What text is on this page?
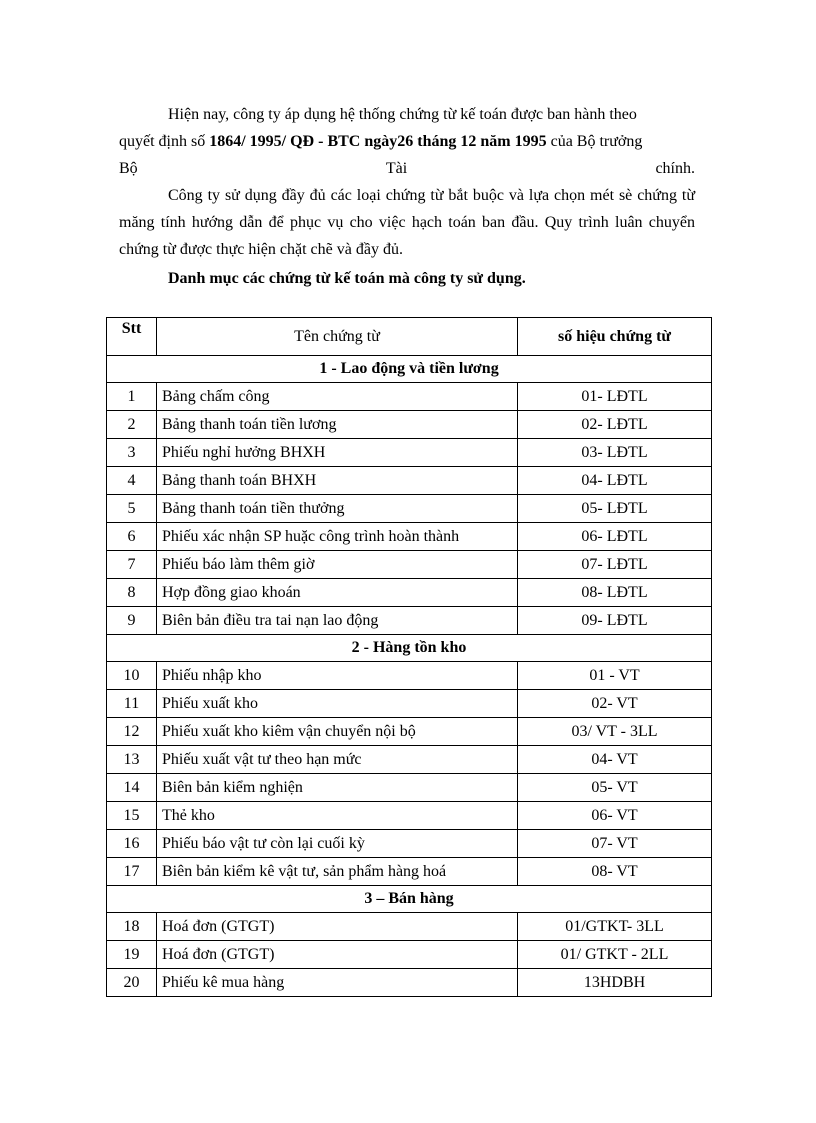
Hiện nay, công ty áp dụng hệ thống chứng từ kế toán được ban hành theo
quyết định số 1864/ 1995/ QĐ - BTC ngày26 tháng 12 năm 1995 của Bộ trưởng
Bộ	Tài	chính.
Công ty sử dụng đầy đủ các loại chứng từ bắt buộc và lựa chọn mét sè chứng từ măng tính hướng dẫn để phục vụ cho việc hạch toán ban đầu. Quy trình luân chuyển chứng từ được thực hiện chặt chẽ và đầy đủ.
Danh mục các chứng từ kế toán mà công ty sử dụng.
Stt	Tên chứng từ	số hiệu chứng từ
1 - Lao động và tiền lương		
1	Bảng chấm công	01- LĐTL
2	Bảng thanh toán tiền lương	02- LĐTL
3	Phiếu nghỉ hưởng BHXH	03- LĐTL
4	Bảng thanh toán BHXH	04- LĐTL
5	Bảng thanh toán tiền thưởng	05- LĐTL
6	Phiếu xác nhận SP huặc công trình hoàn thành	06- LĐTL
7	Phiếu báo làm thêm giờ	07- LĐTL
8	Hợp đồng giao khoán	08- LĐTL
9	Biên bản điều tra tai nạn lao động	09- LĐTL
2 - Hàng tồn kho		
10	Phiếu nhập kho	01 - VT
11	Phiếu xuất kho	02- VT
12	Phiếu xuất kho kiêm vận chuyển nội bộ	03/ VT - 3LL
13	Phiếu xuất vật tư theo hạn mức	04- VT
14	Biên bản kiểm nghiện	05- VT
15	Thẻ kho	06- VT
16	Phiếu báo vật tư còn lại cuối kỳ	07- VT
17	Biên bản kiểm kê vật tư, sản phẩm hàng hoá	08- VT
3 – Bán hàng		
18	Hoá đơn (GTGT)	01/GTKT- 3LL
19	Hoá đơn (GTGT)	01/ GTKT - 2LL
20	Phiếu kê mua hàng	13HDBH
